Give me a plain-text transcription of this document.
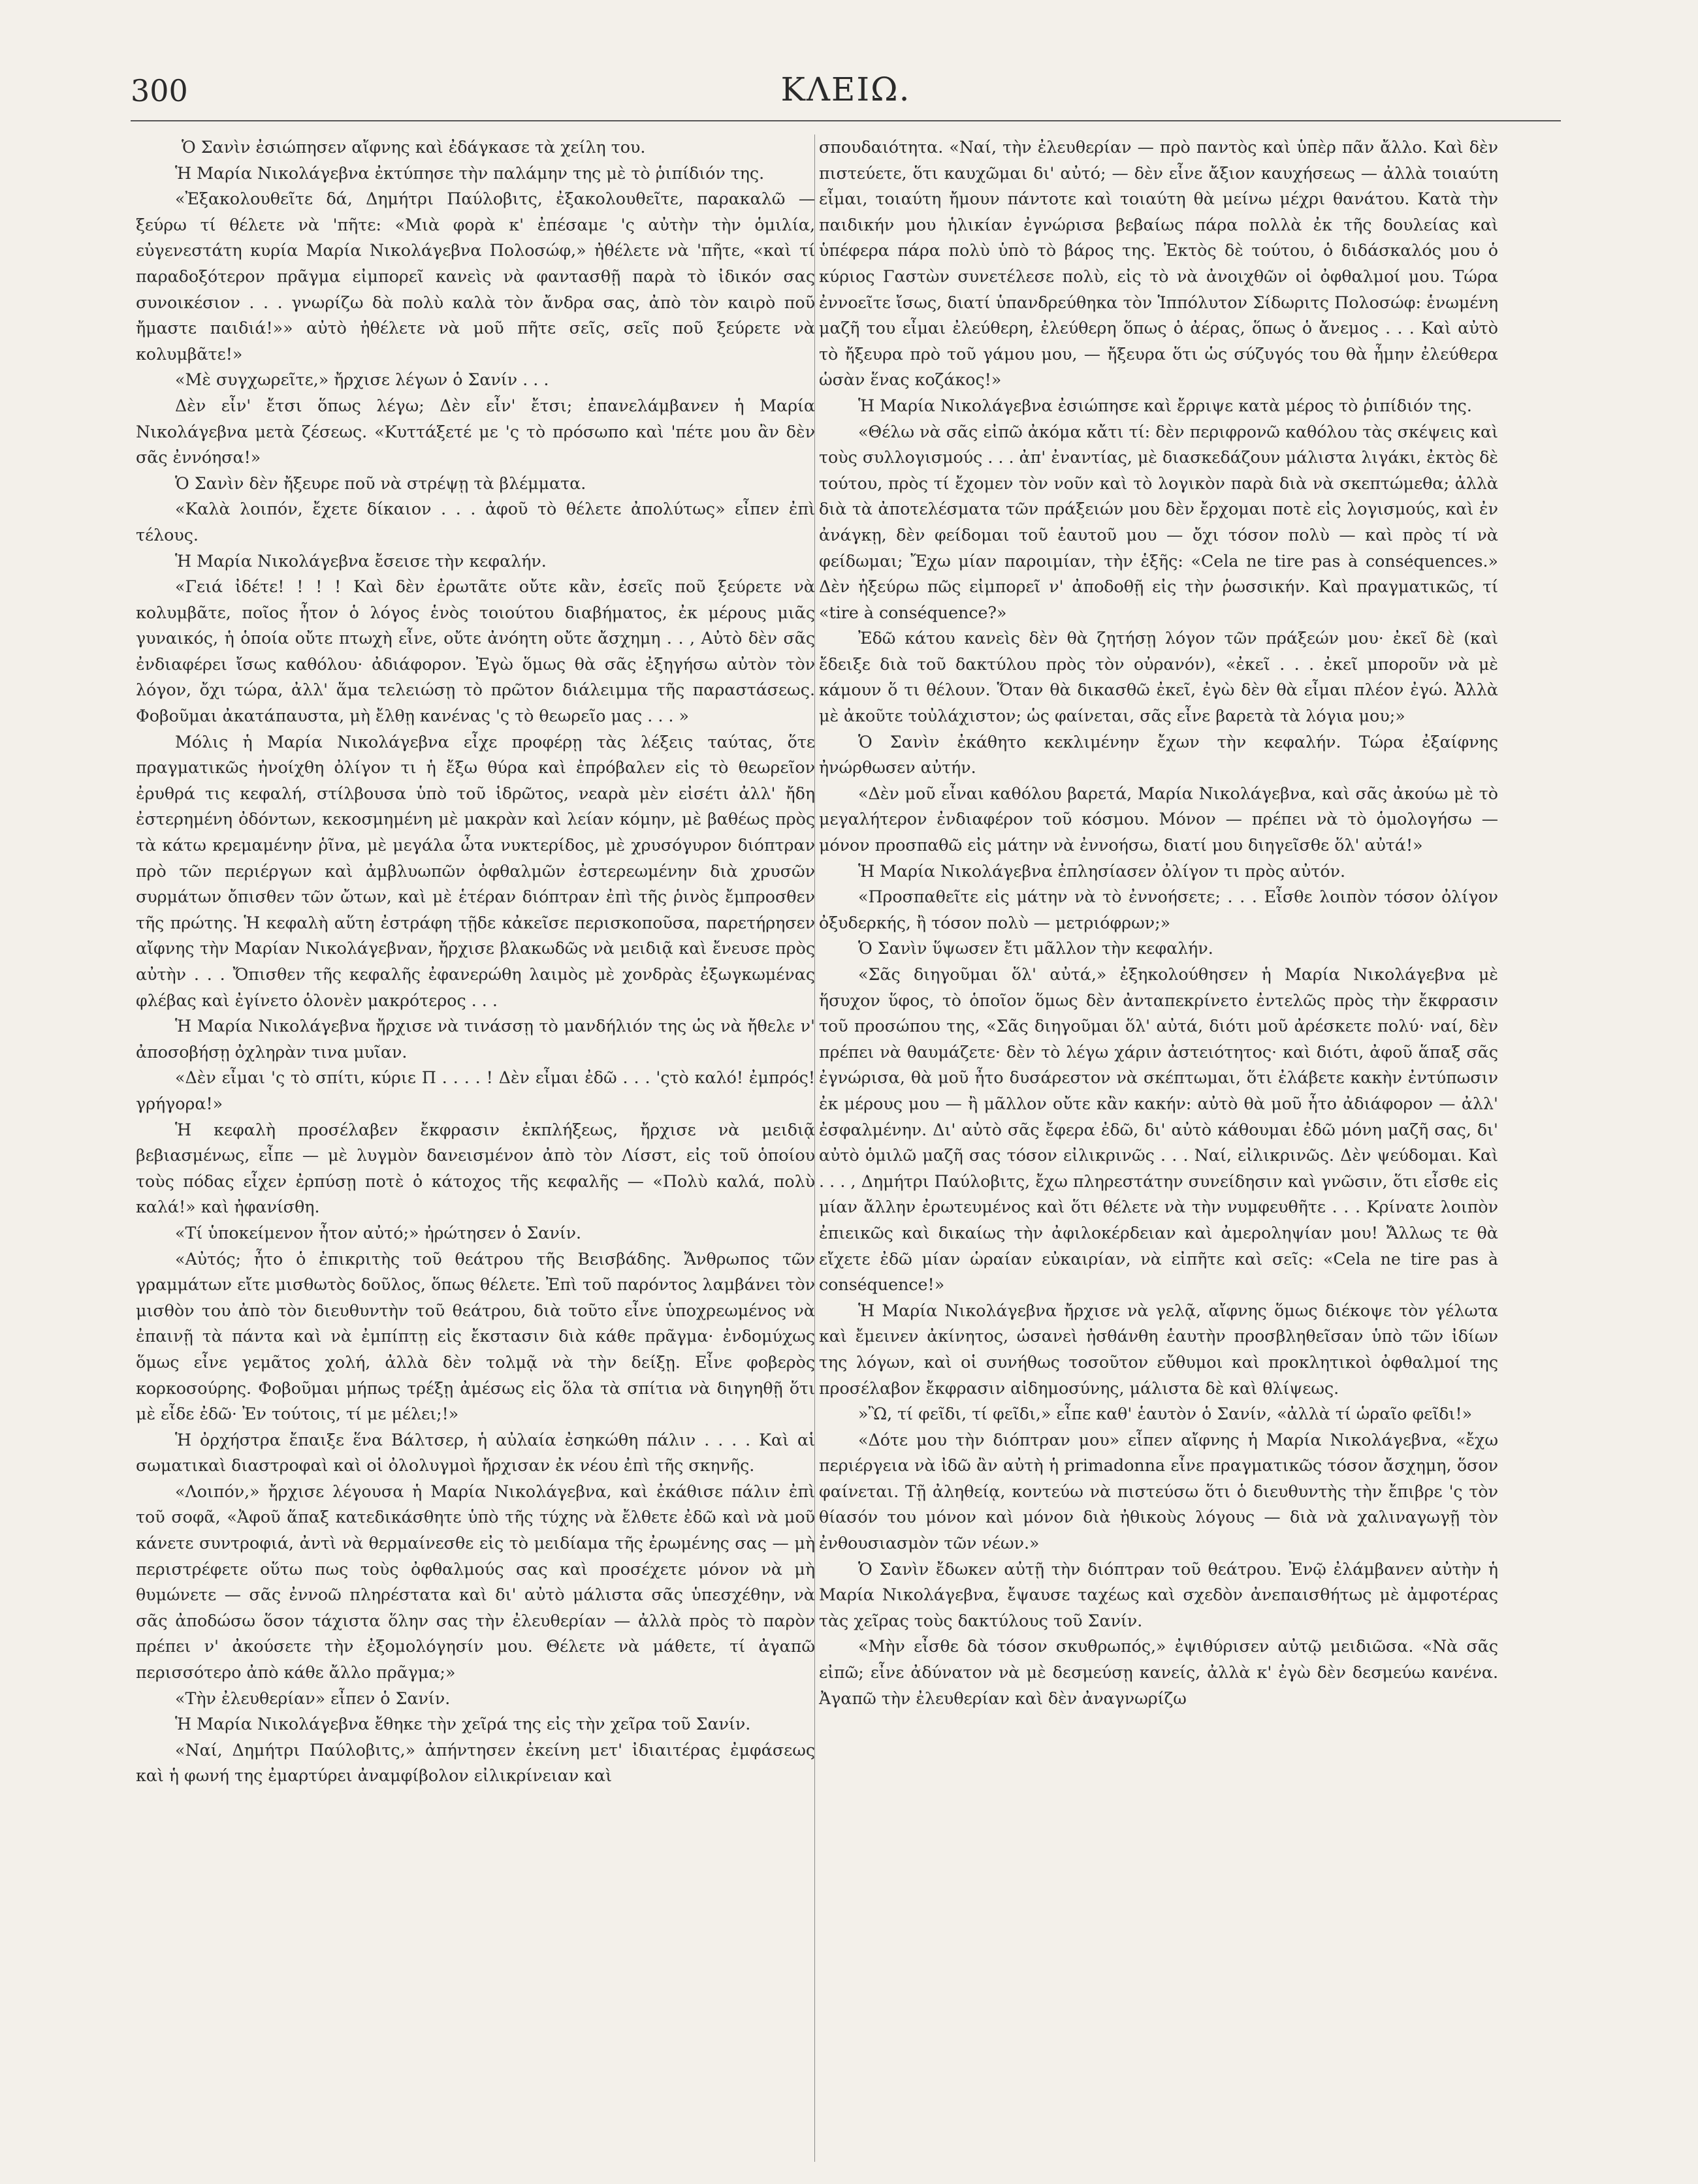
300	ΚΛΕΙΩ.

Ὁ Σανὶν ἐσιώπησεν αἴφνης καὶ ἐδάγκασε τὰ χείλη του.

Ἡ Μαρία Νικολάγεβνα ἐκτύπησε τὴν παλάμην της μὲ τὸ ῥιπίδιόν της.

«Ἐξακολουθεῖτε δά, Δημήτρι Παύλοβιτς, ἐξακολουθεῖτε, παρακαλῶ — ξεύρω τί θέλετε νὰ 'πῆτε: «Μιὰ φορὰ κ' ἐπέσαμε 'ς αὐτὴν τὴν ὁμιλία, εὐγενεστάτη κυρία Μαρία Νικολάγεβνα Πολοσώφ,» ἠθέλετε νὰ 'πῆτε, «καὶ τί παραδοξότερον πρᾶγμα εἰμπορεῖ κανεὶς νὰ φαντασθῇ παρὰ τὸ ἰδικόν σας συνοικέσιον . . . γνωρίζω δὰ πολὺ καλὰ τὸν ἄνδρα σας, ἀπὸ τὸν καιρὸ ποῦ ἤμαστε παιδιά!»» αὐτὸ ἠθέλετε νὰ μοῦ πῆτε σεῖς, σεῖς ποῦ ξεύρετε νὰ κολυμβᾶτε!»

«Μὲ συγχωρεῖτε,» ἤρχισε λέγων ὁ Σανίν . . .

Δὲν εἶν' ἔτσι ὅπως λέγω; Δὲν εἶν' ἔτσι; ἐπανελάμβανεν ἡ Μαρία Νικολάγεβνα μετὰ ζέσεως. «Κυττάξετέ με 'ς τὸ πρόσωπο καὶ 'πέτε μου ἂν δὲν σᾶς ἐννόησα!»

Ὁ Σανὶν δὲν ἤξευρε ποῦ νὰ στρέψῃ τὰ βλέμματα.

«Καλὰ λοιπόν, ἔχετε δίκαιον . . . ἀφοῦ τὸ θέλετε ἀπολύτως» εἶπεν ἐπὶ τέλους.

Ἡ Μαρία Νικολάγεβνα ἔσεισε τὴν κεφαλήν.

«Γειά ἰδέτε! ! ! ! Καὶ δὲν ἐρωτᾶτε οὔτε κἂν, ἐσεῖς ποῦ ξεύρετε νὰ κολυμβᾶτε, ποῖος ἦτον ὁ λόγος ἑνὸς τοιούτου διαβήματος, ἐκ μέρους μιᾶς γυναικός, ἡ ὁποία οὔτε πτωχὴ εἶνε, οὔτε ἀνόητη οὔτε ἄσχημη . . , Αὐτὸ δὲν σᾶς ἐνδιαφέρει ἴσως καθόλου· ἀδιάφορον. Ἐγὼ ὅμως θὰ σᾶς ἐξηγήσω αὐτὸν τὸν λόγον, ὄχι τώρα, ἀλλ' ἅμα τελειώσῃ τὸ πρῶτον διάλειμμα τῆς παραστάσεως. Φοβοῦμαι ἀκατάπαυστα, μὴ ἔλθῃ κανένας 'ς τὸ θεωρεῖο μας . . . »

Μόλις ἡ Μαρία Νικολάγεβνα εἶχε προφέρῃ τὰς λέξεις ταύτας, ὅτε πραγματικῶς ἠνοίχθη ὀλίγον τι ἡ ἔξω θύρα καὶ ἐπρόβαλεν εἰς τὸ θεωρεῖον ἐρυθρά τις κεφαλή, στίλβουσα ὑπὸ τοῦ ἱδρῶτος, νεαρὰ μὲν εἰσέτι ἀλλ' ἤδη ἐστερημένη ὀδόντων, κεκοσμημένη μὲ μακρὰν καὶ λείαν κόμην, μὲ βαθέως πρὸς τὰ κάτω κρεμαμένην ῥῖνα, μὲ μεγάλα ὦτα νυκτερίδος, μὲ χρυσόγυρον διόπτραν πρὸ τῶν περιέργων καὶ ἀμβλυωπῶν ὀφθαλμῶν ἐστερεωμένην διὰ χρυσῶν συρμάτων ὄπισθεν τῶν ὤτων, καὶ μὲ ἑτέραν διόπτραν ἐπὶ τῆς ῥινὸς ἔμπροσθεν τῆς πρώτης. Ἡ κεφαλὴ αὕτη ἐστράφη τῇδε κἀκεῖσε περισκοποῦσα, παρετήρησεν αἴφνης τὴν Μαρίαν Νικολάγεβναν, ἤρχισε βλακωδῶς νὰ μειδιᾷ καὶ ἔνευσε πρὸς αὐτὴν . . . Ὄπισθεν τῆς κεφαλῆς ἐφανερώθη λαιμὸς μὲ χονδρὰς ἐξωγκωμένας φλέβας καὶ ἐγίνετο ὁλονὲν μακρότερος . . .

Ἡ Μαρία Νικολάγεβνα ἤρχισε νὰ τινάσσῃ τὸ μανδήλιόν της ὡς νὰ ἤθελε ν' ἀποσοβήσῃ ὀχληρὰν τινα μυῖαν.

«Δὲν εἶμαι 'ς τὸ σπίτι, κύριε Π . . . . ! Δὲν εἶμαι ἐδῶ . . . 'ςτὸ καλό! ἐμπρός! γρήγορα!»

Ἡ κεφαλὴ προσέλαβεν ἔκφρασιν ἐκπλήξεως, ἤρχισε νὰ μειδιᾷ βεβιασμένως, εἶπε — μὲ λυγμὸν δανεισμένον ἀπὸ τὸν Λίσστ, εἰς τοῦ ὁποίου τοὺς πόδας εἶχεν ἐρπύσῃ ποτὲ ὁ κάτοχος τῆς κεφαλῆς — «Πολὺ καλά, πολὺ καλά!» καὶ ἠφανίσθη.

«Τί ὑποκείμενον ἦτον αὐτό;» ἠρώτησεν ὁ Σανίν.

«Αὐτός; ἦτο ὁ ἐπικριτὴς τοῦ θεάτρου τῆς Βεισβάδης. Ἄνθρωπος τῶν γραμμάτων εἴτε μισθωτὸς δοῦλος, ὅπως θέλετε. Ἐπὶ τοῦ παρόντος λαμβάνει τὸν μισθὸν του ἀπὸ τὸν διευθυντὴν τοῦ θεάτρου, διὰ τοῦτο εἶνε ὑποχρεωμένος νὰ ἐπαινῇ τὰ πάντα καὶ νὰ ἐμπίπτῃ εἰς ἔκστασιν διὰ κάθε πρᾶγμα· ἐνδομύχως ὅμως εἶνε γεμᾶτος χολή, ἀλλὰ δὲν τολμᾷ νὰ τὴν δείξῃ. Εἶνε φοβερὸς κορκοσούρης. Φοβοῦμαι μήπως τρέξῃ ἀμέσως εἰς ὅλα τὰ σπίτια νὰ διηγηθῇ ὅτι μὲ εἶδε ἐδῶ· Ἐν τούτοις, τί με μέλει;!»

Ἡ ὀρχήστρα ἔπαιξε ἕνα Βάλτσερ, ἡ αὐλαία ἐσηκώθη πάλιν . . . . Καὶ αἱ σωματικαὶ διαστροφαὶ καὶ οἱ ὀλολυγμοὶ ἤρχισαν ἐκ νέου ἐπὶ τῆς σκηνῆς.

«Λοιπόν,» ἤρχισε λέγουσα ἡ Μαρία Νικολάγεβνα, καὶ ἐκάθισε πάλιν ἐπὶ τοῦ σοφᾶ, «Ἀφοῦ ἅπαξ κατεδικάσθητε ὑπὸ τῆς τύχης νὰ ἔλθετε ἐδῶ καὶ νὰ μοῦ κάνετε συντροφιά, ἀντὶ νὰ θερμαίνεσθε εἰς τὸ μειδίαμα τῆς ἐρωμένης σας — μὴ περιστρέφετε οὕτω πως τοὺς ὀφθαλμούς σας καὶ προσέχετε μόνον νὰ μὴ θυμώνετε — σᾶς ἐννοῶ πληρέστατα καὶ δι' αὐτὸ μάλιστα σᾶς ὑπεσχέθην, νὰ σᾶς ἀποδώσω ὅσον τάχιστα ὅλην σας τὴν ἐλευθερίαν — ἀλλὰ πρὸς τὸ παρὸν πρέπει ν' ἀκούσετε τὴν ἐξομολόγησίν μου. Θέλετε νὰ μάθετε, τί ἀγαπῶ περισσότερο ἀπὸ κάθε ἄλλο πρᾶγμα;»

«Τὴν ἐλευθερίαν» εἶπεν ὁ Σανίν.

Ἡ Μαρία Νικολάγεβνα ἔθηκε τὴν χεῖρά της εἰς τὴν χεῖρα τοῦ Σανίν.

«Ναί, Δημήτρι Παύλοβιτς,» ἀπήντησεν ἐκείνη μετ' ἰδιαιτέρας ἐμφάσεως καὶ ἡ φωνή της ἐμαρτύρει ἀναμφίβολον εἰλικρίνειαν καὶ

σπουδαιότητα. «Ναί, τὴν ἐλευθερίαν — πρὸ παντὸς καὶ ὑπὲρ πᾶν ἄλλο. Καὶ δὲν πιστεύετε, ὅτι καυχῶμαι δι' αὐτό; — δὲν εἶνε ἄξιον καυχήσεως — ἀλλὰ τοιαύτη εἶμαι, τοιαύτη ἤμουν πάντοτε καὶ τοιαύτη θὰ μείνω μέχρι θανάτου. Κατὰ τὴν παιδικήν μου ἡλικίαν ἐγνώρισα βεβαίως πάρα πολλὰ ἐκ τῆς δουλείας καὶ ὑπέφερα πάρα πολὺ ὑπὸ τὸ βάρος της. Ἐκτὸς δὲ τούτου, ὁ διδάσκαλός μου ὁ κύριος Γαστὼν συνετέλεσε πολὺ, εἰς τὸ νὰ ἀνοιχθῶν οἱ ὀφθαλμοί μου. Τώρα ἐννοεῖτε ἴσως, διατί ὑπανδρεύθηκα τὸν Ἱππόλυτον Σίδωριτς Πολοσώφ: ἑνωμένη μαζῆ του εἶμαι ἐλεύθερη, ἐλεύθερη ὅπως ὁ ἀέρας, ὅπως ὁ ἄνεμος . . . Καὶ αὐτὸ τὸ ἤξευρα πρὸ τοῦ γάμου μου, — ἤξευρα ὅτι ὡς σύζυγός του θὰ ἦμην ἐλεύθερα ὡσὰν ἕνας κοζάκος!»

Ἡ Μαρία Νικολάγεβνα ἐσιώπησε καὶ ἔρριψε κατὰ μέρος τὸ ῥιπίδιόν της.

«Θέλω νὰ σᾶς εἰπῶ ἀκόμα κἄτι τί: δὲν περιφρονῶ καθόλου τὰς σκέψεις καὶ τοὺς συλλογισμούς . . . ἀπ' ἐναντίας, μὲ διασκεδάζουν μάλιστα λιγάκι, ἐκτὸς δὲ τούτου, πρὸς τί ἔχομεν τὸν νοῦν καὶ τὸ λογικὸν παρὰ διὰ νὰ σκεπτώμεθα; ἀλλὰ διὰ τὰ ἀποτελέσματα τῶν πράξειών μου δὲν ἔρχομαι ποτὲ εἰς λογισμούς, καὶ ἐν ἀνάγκῃ, δὲν φείδομαι τοῦ ἑαυτοῦ μου — ὄχι τόσον πολὺ — καὶ πρὸς τί νὰ φείδωμαι; Ἔχω μίαν παροιμίαν, τὴν ἑξῆς: «Cela ne tire pas à conséquences.» Δὲν ἠξεύρω πῶς εἰμπορεῖ ν' ἀποδοθῇ εἰς τὴν ῥωσσικήν. Καὶ πραγματικῶς, τί «tire à conséquence?»

Ἐδῶ κάτου κανεὶς δὲν θὰ ζητήσῃ λόγον τῶν πράξεών μου· ἐκεῖ δὲ (καὶ ἔδειξε διὰ τοῦ δακτύλου πρὸς τὸν οὐρανόν), «ἐκεῖ . . . ἐκεῖ μποροῦν νὰ μὲ κάμουν ὅ τι θέλουν. Ὅταν θὰ δικασθῶ ἐκεῖ, ἐγὼ δὲν θὰ εἶμαι πλέον ἐγώ. Ἀλλὰ μὲ ἀκοῦτε τοὐλάχιστον; ὡς φαίνεται, σᾶς εἶνε βαρετὰ τὰ λόγια μου;»

Ὁ Σανὶν ἐκάθητο κεκλιμένην ἔχων τὴν κεφαλήν. Τώρα ἐξαίφνης ἠνώρθωσεν αὐτήν.

«Δὲν μοῦ εἶναι καθόλου βαρετά, Μαρία Νικολάγεβνα, καὶ σᾶς ἀκούω μὲ τὸ μεγαλήτερον ἐνδιαφέρον τοῦ κόσμου. Μόνον — πρέπει νὰ τὸ ὁμολογήσω — μόνον προσπαθῶ εἰς μάτην νὰ ἐννοήσω, διατί μου διηγεῖσθε ὅλ' αὐτά!»

Ἡ Μαρία Νικολάγεβνα ἐπλησίασεν ὀλίγον τι πρὸς αὐτόν.

«Προσπαθεῖτε εἰς μάτην νὰ τὸ ἐννοήσετε; . . . Εἶσθε λοιπὸν τόσον ὀλίγον ὀξυδερκής, ἢ τόσον πολὺ — μετριόφρων;»

Ὁ Σανὶν ὕψωσεν ἔτι μᾶλλον τὴν κεφαλήν.

«Σᾶς διηγοῦμαι ὅλ' αὐτά,» ἐξηκολούθησεν ἡ Μαρία Νικολάγεβνα μὲ ἥσυχον ὕφος, τὸ ὁποῖον ὅμως δὲν ἀνταπεκρίνετο ἐντελῶς πρὸς τὴν ἔκφρασιν τοῦ προσώπου της, «Σᾶς διηγοῦμαι ὅλ' αὐτά, διότι μοῦ ἀρέσκετε πολύ· ναί, δὲν πρέπει νὰ θαυμάζετε· δὲν τὸ λέγω χάριν ἀστειότητος· καὶ διότι, ἀφοῦ ἅπαξ σᾶς ἐγνώρισα, θὰ μοῦ ἦτο δυσάρεστον νὰ σκέπτωμαι, ὅτι ἐλάβετε κακὴν ἐντύπωσιν ἐκ μέρους μου — ἢ μᾶλλον οὔτε κἂν κακήν: αὐτὸ θὰ μοῦ ἦτο ἀδιάφορον — ἀλλ' ἐσφαλμένην. Δι' αὐτὸ σᾶς ἔφερα ἐδῶ, δι' αὐτὸ κάθουμαι ἐδῶ μόνη μαζῆ σας, δι' αὐτὸ ὁμιλῶ μαζῆ σας τόσον εἰλικρινῶς . . . Ναί, εἰλικρινῶς. Δὲν ψεύδομαι. Καὶ . . . , Δημήτρι Παύλοβιτς, ἔχω πληρεστάτην συνείδησιν καὶ γνῶσιν, ὅτι εἶσθε εἰς μίαν ἄλλην ἐρωτευμένος καὶ ὅτι θέλετε νὰ τὴν νυμφευθῆτε . . . Κρίνατε λοιπὸν ἐπιεικῶς καὶ δικαίως τὴν ἀφιλοκέρδειαν καὶ ἀμεροληψίαν μου! Ἄλλως τε θὰ εἴχετε ἐδῶ μίαν ὡραίαν εὐκαιρίαν, νὰ εἰπῆτε καὶ σεῖς: «Cela ne tire pas à conséquence!»

Ἡ Μαρία Νικολάγεβνα ἤρχισε νὰ γελᾷ, αἴφνης ὅμως διέκοψε τὸν γέλωτα καὶ ἔμεινεν ἀκίνητος, ὡσανεὶ ἠσθάνθη ἑαυτὴν προσβληθεῖσαν ὑπὸ τῶν ἰδίων της λόγων, καὶ οἱ συνήθως τοσοῦτον εὔθυμοι καὶ προκλητικοὶ ὀφθαλμοί της προσέλαβον ἔκφρασιν αἰδημοσύνης, μάλιστα δὲ καὶ θλίψεως.

»Ὢ, τί φεῖδι, τί φεῖδι,» εἶπε καθ' ἑαυτὸν ὁ Σανίν, «ἀλλὰ τί ὡραῖο φεῖδι!»

«Δότε μου τὴν διόπτραν μου» εἶπεν αἴφνης ἡ Μαρία Νικολάγεβνα, «ἔχω περιέργεια νὰ ἰδῶ ἂν αὐτὴ ἡ primadonna εἶνε πραγματικῶς τόσον ἄσχημη, ὅσον φαίνεται. Τῇ ἀληθείᾳ, κοντεύω νὰ πιστεύσω ὅτι ὁ διευθυντὴς τὴν ἔπιβρε 'ς τὸν θίασόν του μόνον καὶ μόνον διὰ ἠθικοὺς λόγους — διὰ νὰ χαλιναγωγῇ τὸν ἐνθουσιασμὸν τῶν νέων.»

Ὁ Σανὶν ἔδωκεν αὐτῇ τὴν διόπτραν τοῦ θεάτρου. Ἐνῷ ἐλάμβανεν αὐτὴν ἡ Μαρία Νικολάγεβνα, ἔψαυσε ταχέως καὶ σχεδὸν ἀνεπαισθήτως μὲ ἀμφοτέρας τὰς χεῖρας τοὺς δακτύλους τοῦ Σανίν.

«Μὴν εἶσθε δὰ τόσον σκυθρωπός,» ἐψιθύρισεν αὐτῷ μειδιῶσα. «Νὰ σᾶς εἰπῶ; εἶνε ἀδύνατον νὰ μὲ δεσμεύσῃ κανείς, ἀλλὰ κ' ἐγὼ δὲν δεσμεύω κανένα. Ἀγαπῶ τὴν ἐλευθερίαν καὶ δὲν ἀναγνωρίζω
